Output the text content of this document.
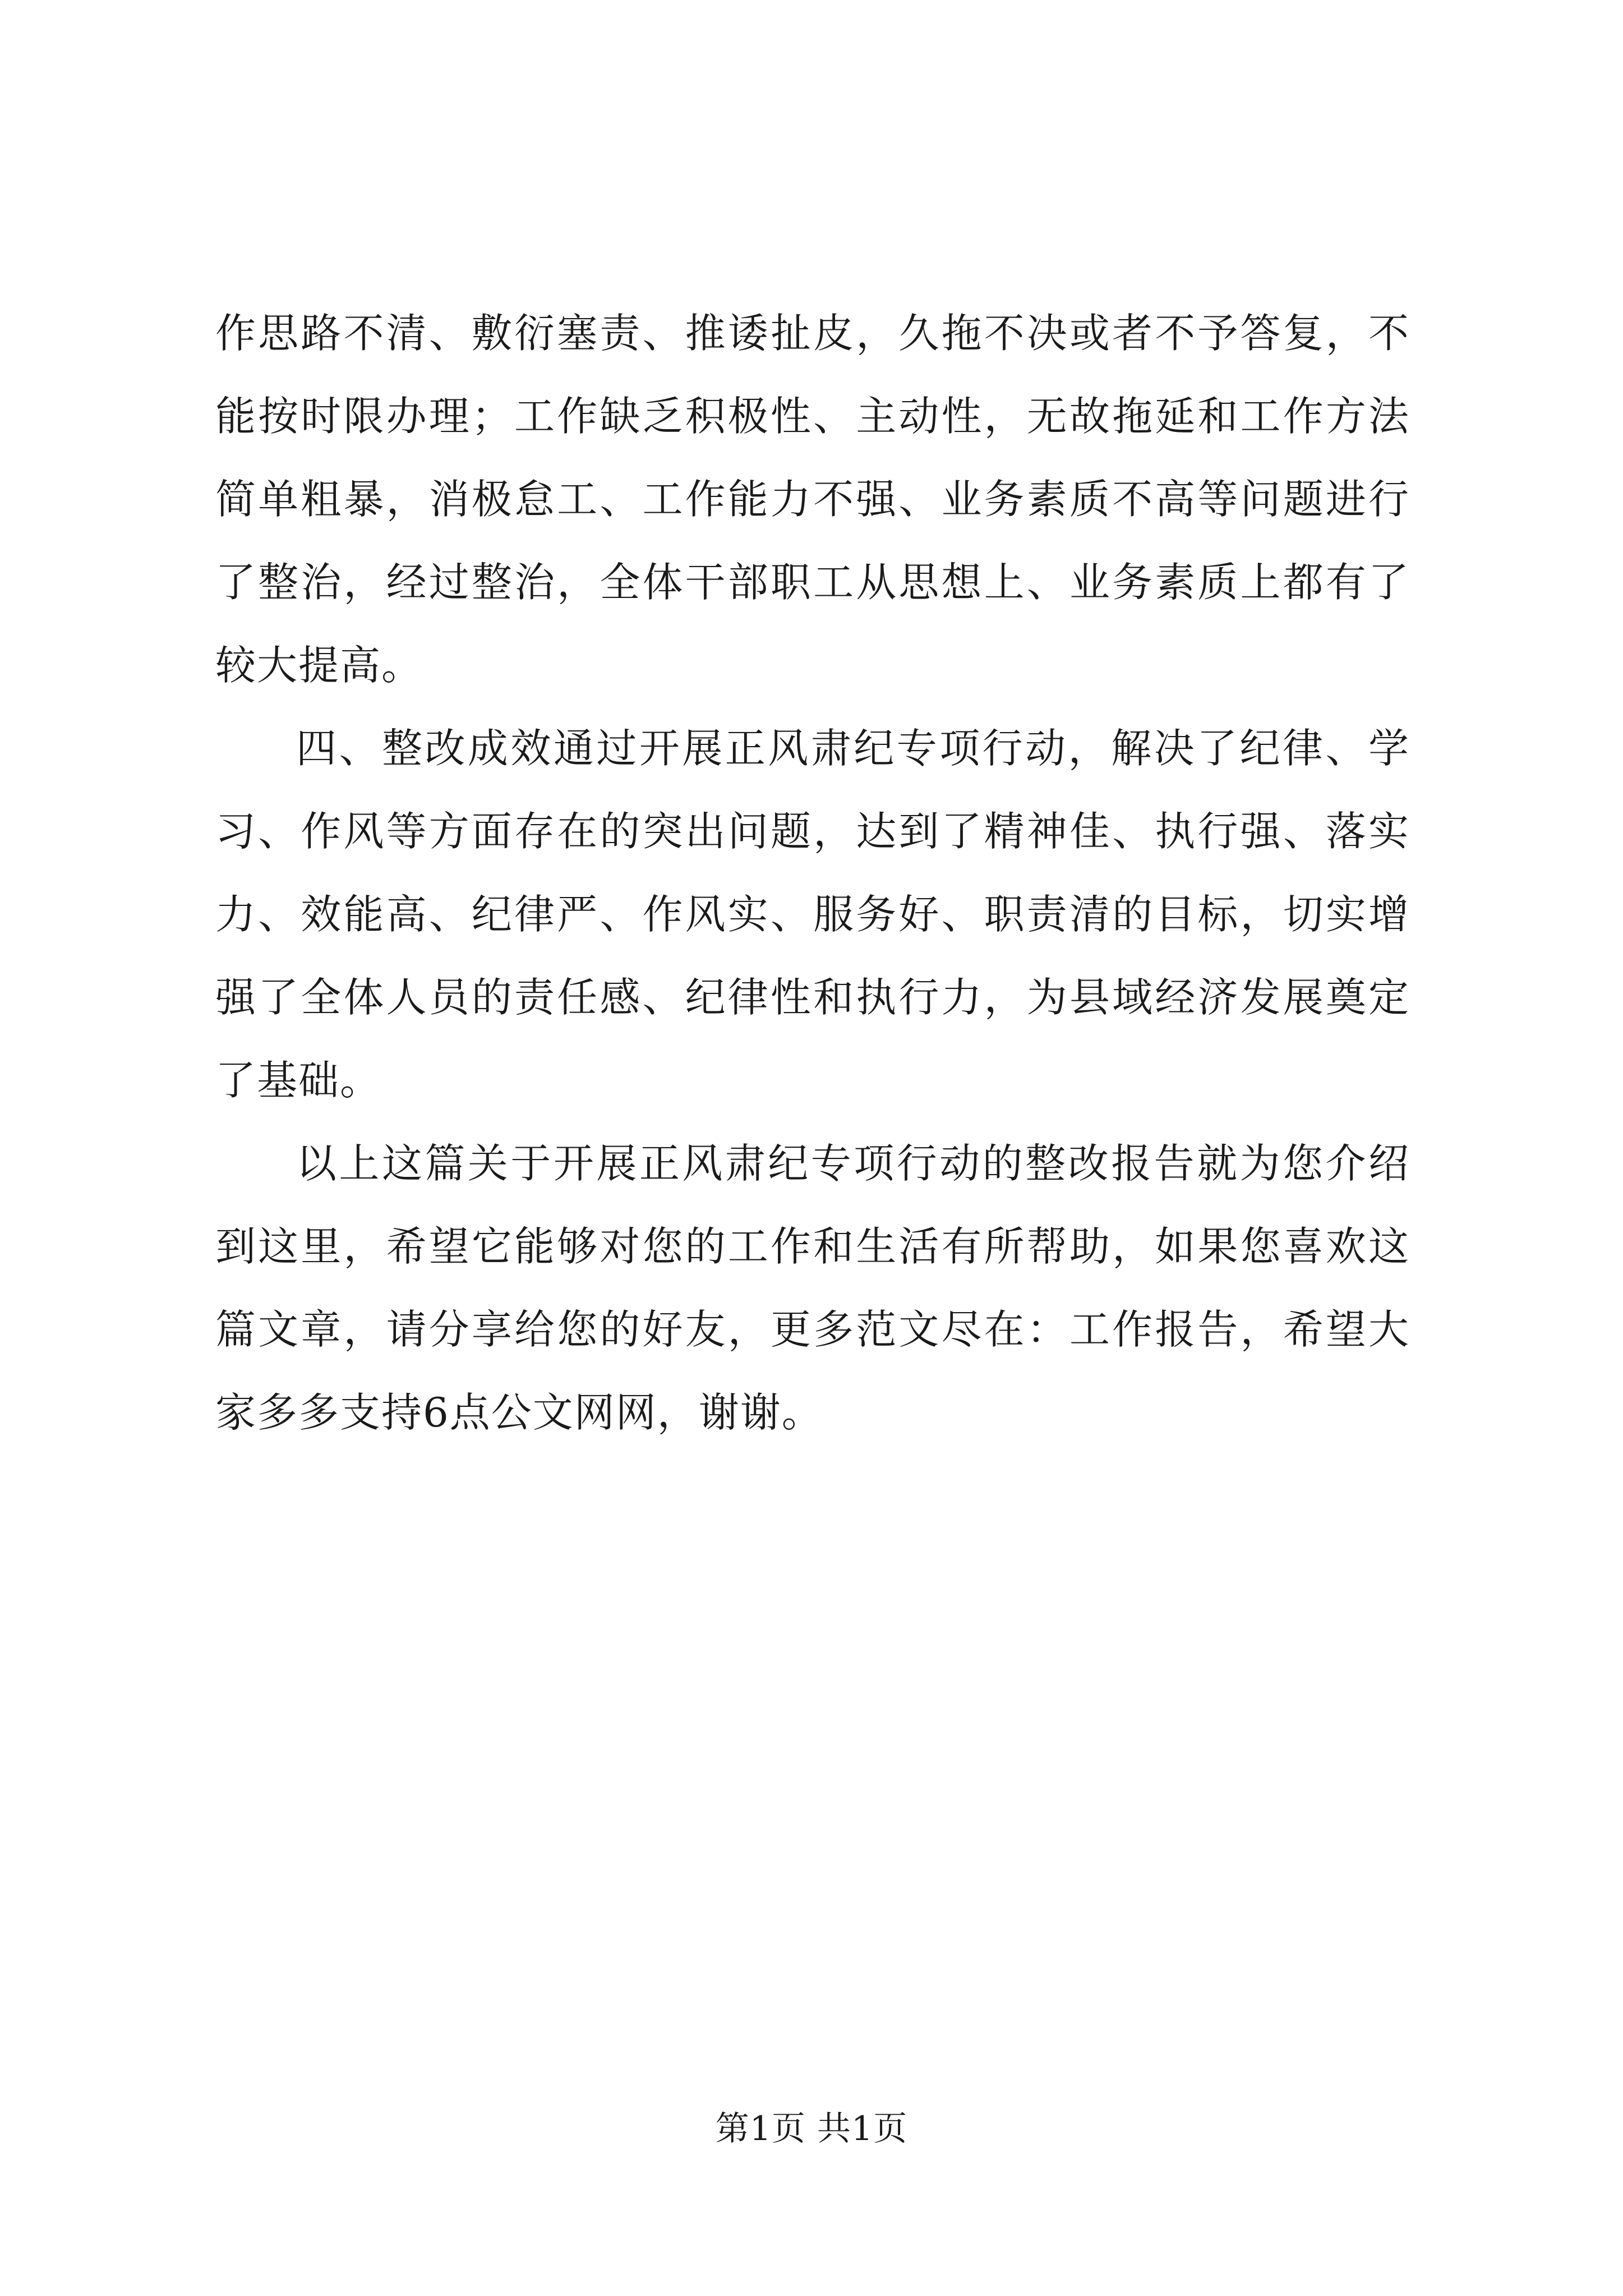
作思路不清、敷衍塞责、推诿扯皮，久拖不决或者不予答复，不能按时限办理；工作缺乏积极性、主动性，无故拖延和工作方法简单粗暴，消极怠工、工作能力不强、业务素质不高等问题进行了整治，经过整治，全体干部职工从思想上、业务素质上都有了较大提高。

四、整改成效通过开展正风肃纪专项行动，解决了纪律、学习、作风等方面存在的突出问题，达到了精神佳、执行强、落实力、效能高、纪律严、作风实、服务好、职责清的目标，切实增强了全体人员的责任感、纪律性和执行力，为县域经济发展奠定了基础。

以上这篇关于开展正风肃纪专项行动的整改报告就为您介绍到这里，希望它能够对您的工作和生活有所帮助，如果您喜欢这篇文章，请分享给您的好友，更多范文尽在：工作报告，希望大家多多支持6点公文网网，谢谢。

第1页 共1页
